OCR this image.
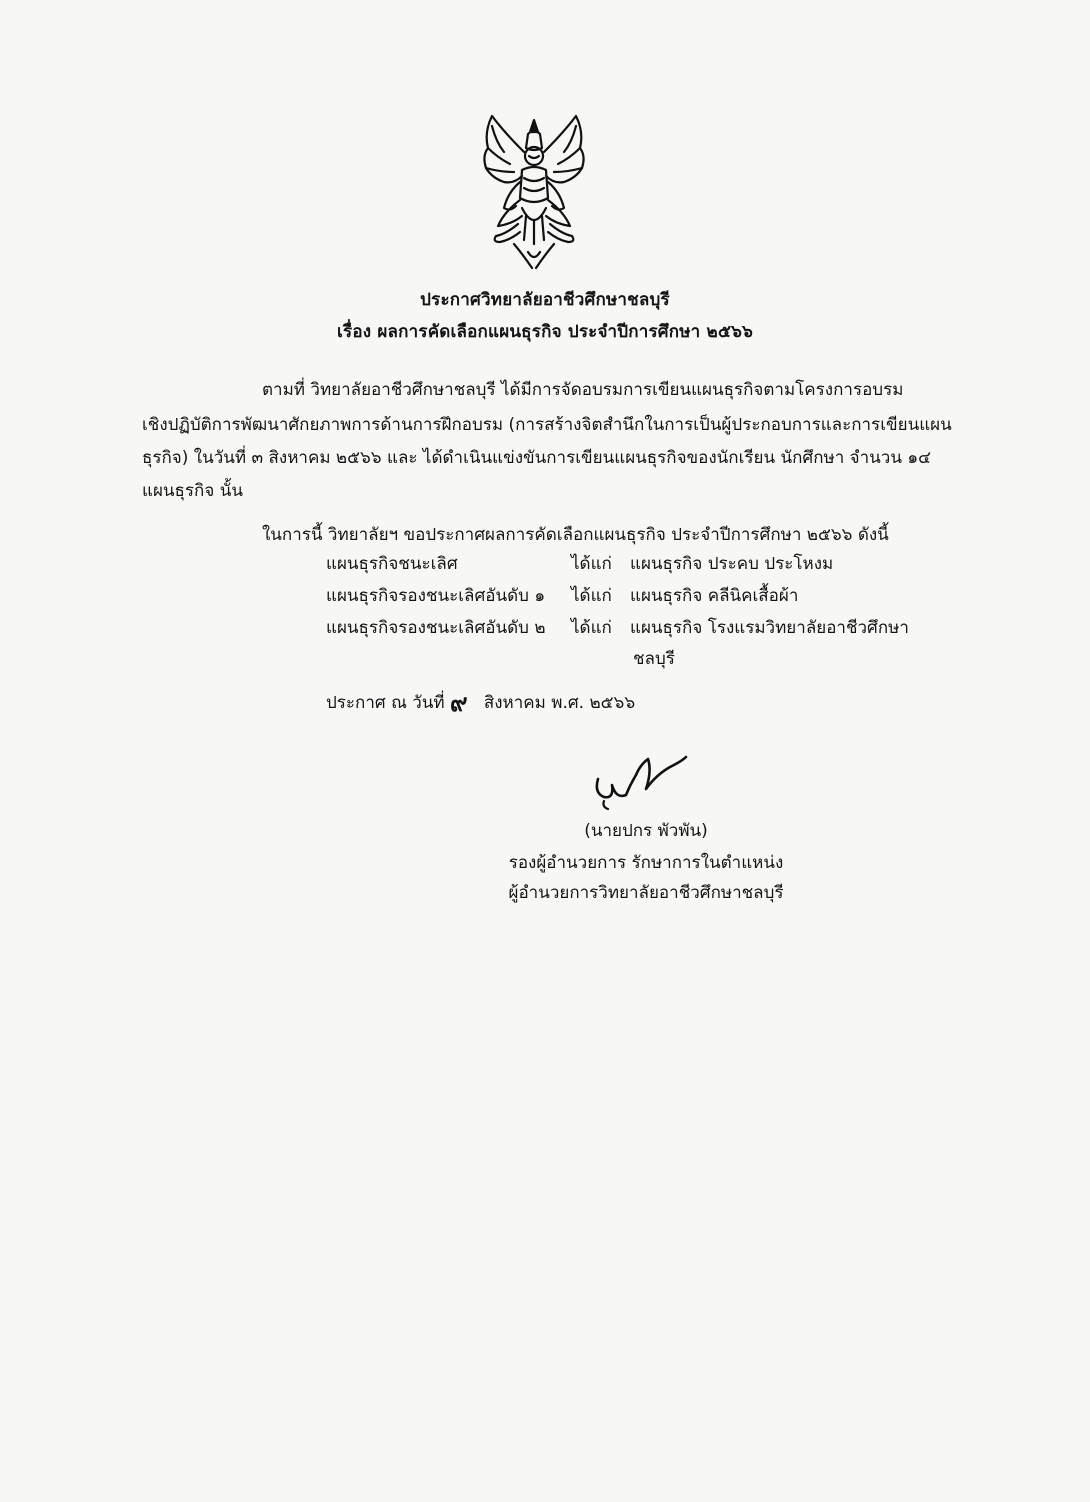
ประกาศวิทยาลัยอาชีวศึกษาชลบุรี
เรื่อง ผลการคัดเลือกแผนธุรกิจ ประจำปีการศึกษา ๒๕๖๖
ตามที่ วิทยาลัยอาชีวศึกษาชลบุรี ได้มีการจัดอบรมการเขียนแผนธุรกิจตามโครงการอบรม
เชิงปฏิบัติการพัฒนาศักยภาพการด้านการฝึกอบรม (การสร้างจิตสำนึกในการเป็นผู้ประกอบการและการเขียนแผน
ธุรกิจ) ในวันที่ ๓ สิงหาคม ๒๕๖๖ และ ได้ดำเนินแข่งขันการเขียนแผนธุรกิจของนักเรียน นักศึกษา จำนวน ๑๔
แผนธุรกิจ นั้น
ในการนี้ วิทยาลัยฯ ขอประกาศผลการคัดเลือกแผนธุรกิจ ประจำปีการศึกษา ๒๕๖๖ ดังนี้
แผนธุรกิจชนะเลิศ	ได้แก่ แผนธุรกิจ ประคบ ประโหงม
แผนธุรกิจรองชนะเลิศอันดับ ๑ ได้แก่ แผนธุรกิจ คลีนิคเสื้อผ้า
แผนธุรกิจรองชนะเลิศอันดับ ๒ ได้แก่ แผนธุรกิจ โรงแรมวิทยาลัยอาชีวศึกษา
ชลบุรี
ประกาศ ณ วันที่ ๙ สิงหาคม พ.ศ. ๒๕๖๖
(นายปกร พัวพัน)
รองผู้อำนวยการ รักษาการในตำแหน่ง
ผู้อำนวยการวิทยาลัยอาชีวศึกษาชลบุรี
